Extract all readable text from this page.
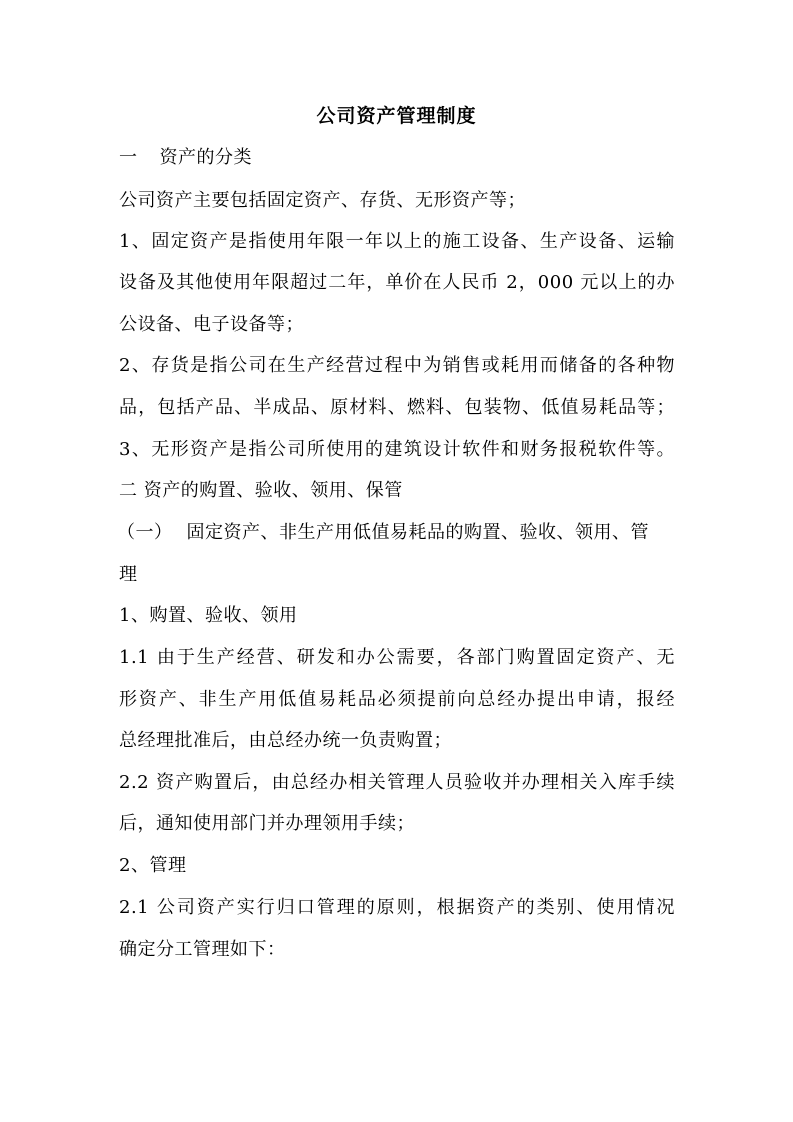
公司资产管理制度
一 资产的分类
公司资产主要包括固定资产、存货、无形资产等；
1、固定资产是指使用年限一年以上的施工设备、生产设备、运输
设备及其他使用年限超过二年，单价在人民币 2，000 元以上的办
公设备、电子设备等；
2、存货是指公司在生产经营过程中为销售或耗用而储备的各种物
品，包括产品、半成品、原材料、燃料、包装物、低值易耗品等；
3、无形资产是指公司所使用的建筑设计软件和财务报税软件等。
二 资产的购置、验收、领用、保管
（一） 固定资产、非生产用低值易耗品的购置、验收、领用、管
理
1、购置、验收、领用
1.1 由于生产经营、研发和办公需要，各部门购置固定资产、无
形资产、非生产用低值易耗品必须提前向总经办提出申请，报经
总经理批准后，由总经办统一负责购置；
2.2 资产购置后，由总经办相关管理人员验收并办理相关入库手续
后，通知使用部门并办理领用手续；
2、管理
2.1 公司资产实行归口管理的原则，根据资产的类别、使用情况
确定分工管理如下：
